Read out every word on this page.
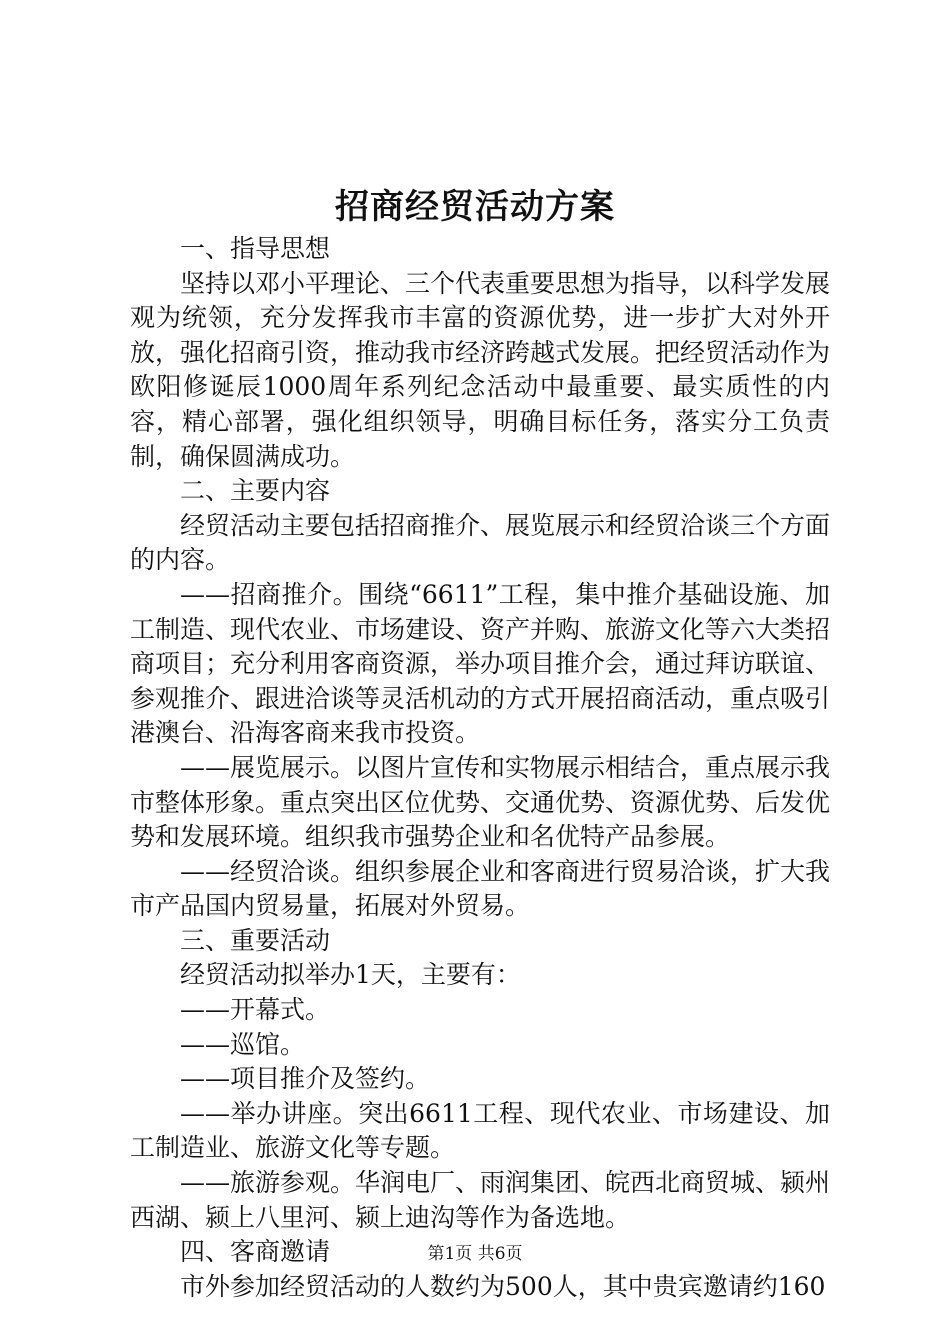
招商经贸活动方案

一、指导思想

坚持以邓小平理论、三个代表重要思想为指导，以科学发展观为统领，充分发挥我市丰富的资源优势，进一步扩大对外开放，强化招商引资，推动我市经济跨越式发展。把经贸活动作为欧阳修诞辰1000周年系列纪念活动中最重要、最实质性的内容，精心部署，强化组织领导，明确目标任务，落实分工负责制，确保圆满成功。

二、主要内容

经贸活动主要包括招商推介、展览展示和经贸洽谈三个方面的内容。

——招商推介。围绕“6611”工程，集中推介基础设施、加工制造、现代农业、市场建设、资产并购、旅游文化等六大类招商项目；充分利用客商资源，举办项目推介会，通过拜访联谊、参观推介、跟进洽谈等灵活机动的方式开展招商活动，重点吸引港澳台、沿海客商来我市投资。

——展览展示。以图片宣传和实物展示相结合，重点展示我市整体形象。重点突出区位优势、交通优势、资源优势、后发优势和发展环境。组织我市强势企业和名优特产品参展。

——经贸洽谈。组织参展企业和客商进行贸易洽谈，扩大我市产品国内贸易量，拓展对外贸易。

三、重要活动

经贸活动拟举办1天，主要有：

——开幕式。

——巡馆。

——项目推介及签约。

——举办讲座。突出6611工程、现代农业、市场建设、加工制造业、旅游文化等专题。

——旅游参观。华润电厂、雨润集团、皖西北商贸城、颍州西湖、颍上八里河、颍上迪沟等作为备选地。

四、客商邀请

市外参加经贸活动的人数约为500人，其中贵宾邀请约160

第1页 共6页
